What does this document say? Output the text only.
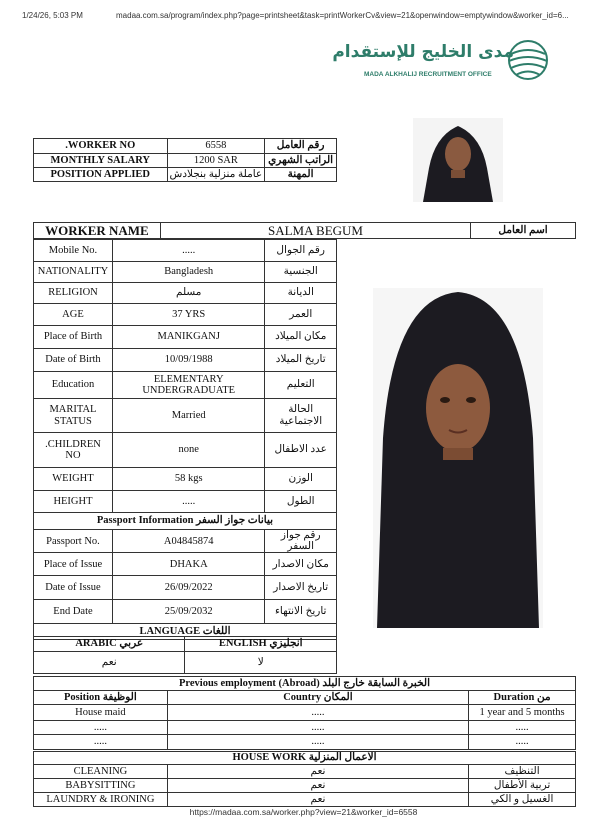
1/24/26, 5:03 PM	madaa.com.sa/program/index.php?page=printsheet&task=printWorkerCv&view=21&openwindow=emptywindow&worker_id=6...
مدى الخليج للإستقدام
MADA ALKHALIJ RECRUITMENT OFFICE
.WORKER NO	6558	رقم العامل
MONTHLY SALARY	1200 SAR	الراتب الشهري
POSITION APPLIED	عاملة منزلية بنجلادش	المهنة
WORKER NAME	SALMA BEGUM	اسم العامل
Mobile No.	.....	رقم الجوال
NATIONALITY	Bangladesh	الجنسية
RELIGION	مسلم	الديانة
AGE	37 YRS	العمر
Place of Birth	MANIKGANJ	مكان الميلاد
Date of Birth	10/09/1988	تاريخ الميلاد
Education	ELEMENTARY UNDERGRADUATE	التعليم
MARITAL STATUS	Married	الحالة الاجتماعية
.CHILDREN NO	none	عدد الاطفال
WEIGHT	58 kgs	الوزن
HEIGHT	.....	الطول
Passport Information بيانات جواز السفر		
Passport No.	A04845874	رقم جواز السفر
Place of Issue	DHAKA	مكان الاصدار
Date of Issue	26/09/2022	تاريخ الاصدار
End Date	25/09/2032	تاريخ الانتهاء
LANGUAGE اللغات		
ARABIC عربي	ENGLISH انجليزي
نعم	لا
Previous employment (Abroad) الخبرة السابقة خارج البلد		
Position الوظيفة	Country المكان	Duration من
House maid	.....	1 year and 5 months
.....	.....	.....
.....	.....	.....
HOUSE WORK الاعمال المنزلية		
CLEANING	نعم	التنظيف
BABYSITTING	نعم	تربية الأطفال
LAUNDRY & IRONING	نعم	الغسيل و الكي
https://madaa.com.sa/worker.php?view=21&worker_id=6558
